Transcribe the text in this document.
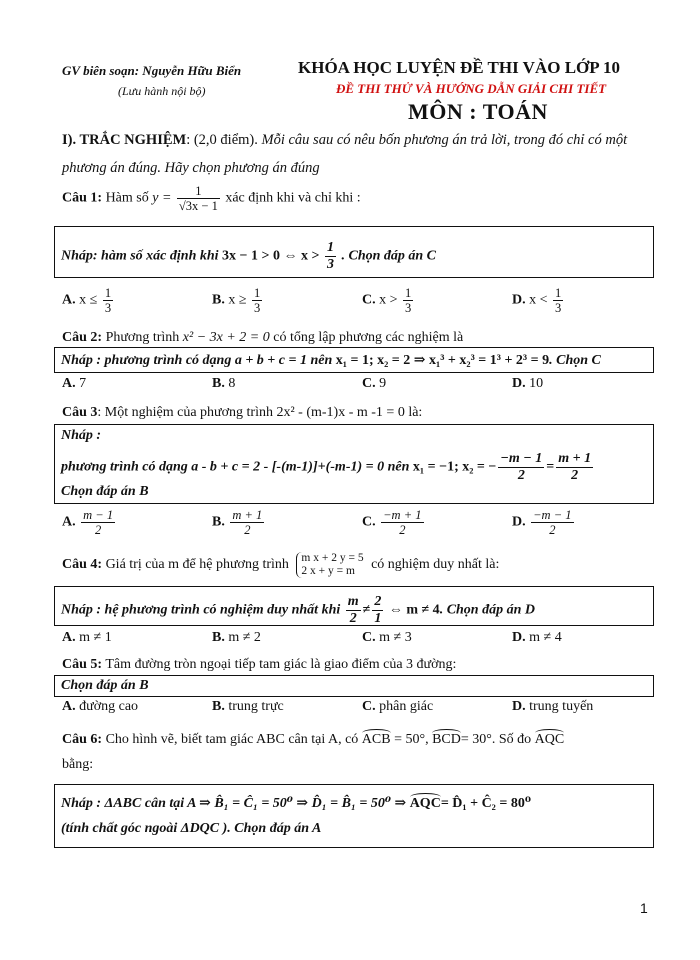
GV biên soạn: Nguyễn Hữu Biển
(Lưu hành nội bộ)
KHÓA HỌC LUYỆN ĐỀ THI VÀO LỚP 10
ĐỀ THI THỬ VÀ HƯỚNG DẪN GIẢI CHI TIẾT
MÔN : TOÁN
I). TRẮC NGHIỆM: (2,0 điểm). Mỗi câu sau có nêu bốn phương án trả lời, trong đó chỉ có một phương án đúng. Hãy chọn phương án đúng
Câu 1: Hàm số $y = \frac{1}{√3x - 1}$ xác định khi và chỉ khi :
Nháp: hàm số xác định khi 3x − 1 > 0 ⇔ $x > \frac{1}{3}$ . Chọn đáp án C
A. $x \le \frac{1}{3}$	B. $x \ge \frac{1}{3}$	C. $x > \frac{1}{3}$	D. $x < \frac{1}{3}$
Câu 2: Phương trình x² − 3x + 2 = 0 có tổng lập phương các nghiệm là
Nháp : phương trình có dạng a + b + c = 1 nên x₁ = 1; x₂ = 2 ⇒ x₁³ + x₂³ = 1³ + 2³ = 9. Chọn C
A. 7	B. 8	C. 9	D. 10
Câu 3: Một nghiệm của phương trình 2x² - (m-1)x - m -1 = 0 là:
Nháp :
phương trình có dạng a - b + c = 2 - [-(m-1)]+(-m-1) = 0 nên x₁ = −1; x₂ = − $\frac{-m - 1}{2} = \frac{m + 1}{2}$
Chọn đáp án B
A. $\frac{m - 1}{2}$	B. $\frac{m + 1}{2}$	C. $\frac{-m + 1}{2}$	D. $\frac{-m - 1}{2}$
Câu 4: Giá trị của m để hệ phương trình m x + 2 y = 5
2 x + y = m	có nghiệm duy nhất là:
Nháp : hệ phương trình có nghiệm duy nhất khi $\frac{m}{2} \ne \frac{2}{1}$ ⇔ m ≠ 4. Chọn đáp án D
A. m ≠ 1	B. m ≠ 2	C. m ≠ 3	D. m ≠ 4
Câu 5: Tâm đường tròn ngoại tiếp tam giác là giao điểm của 3 đường:
Chọn đáp án B
A. đường cao	B. trung trực	C. phân giác	D. trung tuyến
Câu 6: Cho hình vẽ, biết tam giác ABC cân tại A, có ACB = 50°, BCD= 30°. Số đo AQC
bằng:
Nháp : ΔABC cân tại A ⇒ B̂₁ = Ĉ₁ = 50⁰ ⇒ D̂₁ = B̂₁ = 50⁰ ⇒ AQC= D̂₁ + Ĉ₂ = 80⁰
(tính chất góc ngoài ΔDQC ). Chọn đáp án A
1
